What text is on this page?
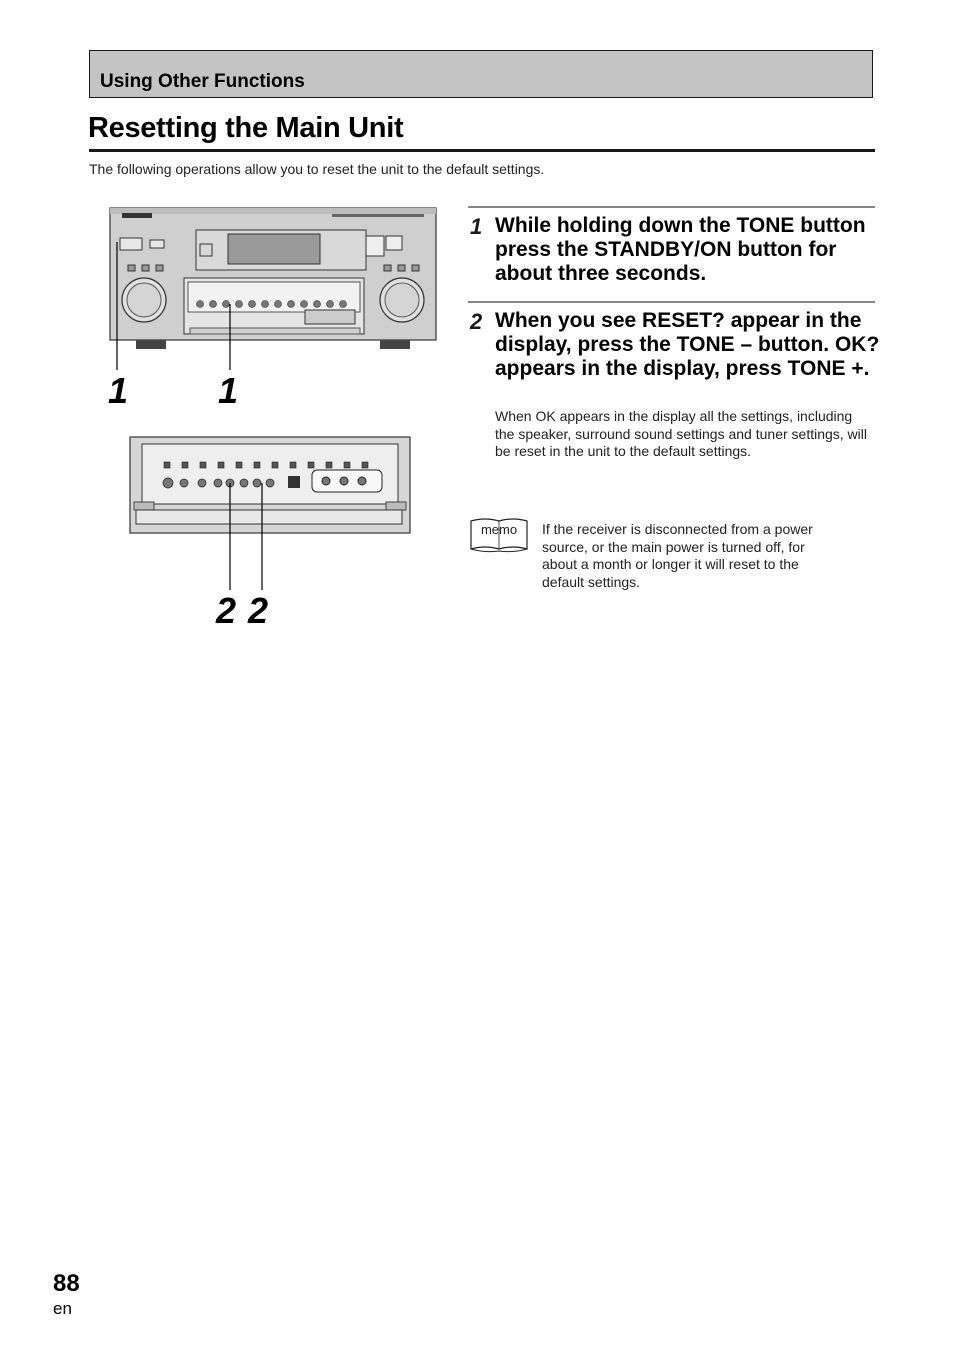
Using Other Functions
Resetting the Main Unit
The following operations allow you to reset the unit to the default settings.
1 1
2 2
1 While holding down the TONE button press the STANDBY/ON button for about three seconds.
2 When you see RESET? appear in the display, press the TONE – button. OK? appears in the display, press TONE +.
When OK appears in the display all the settings, including the speaker, surround sound settings and tuner settings, will be reset in the unit to the default settings.
memo If the receiver is disconnected from a power source, or the main power is turned off, for about a month or longer it will reset to the default settings.
88
en
